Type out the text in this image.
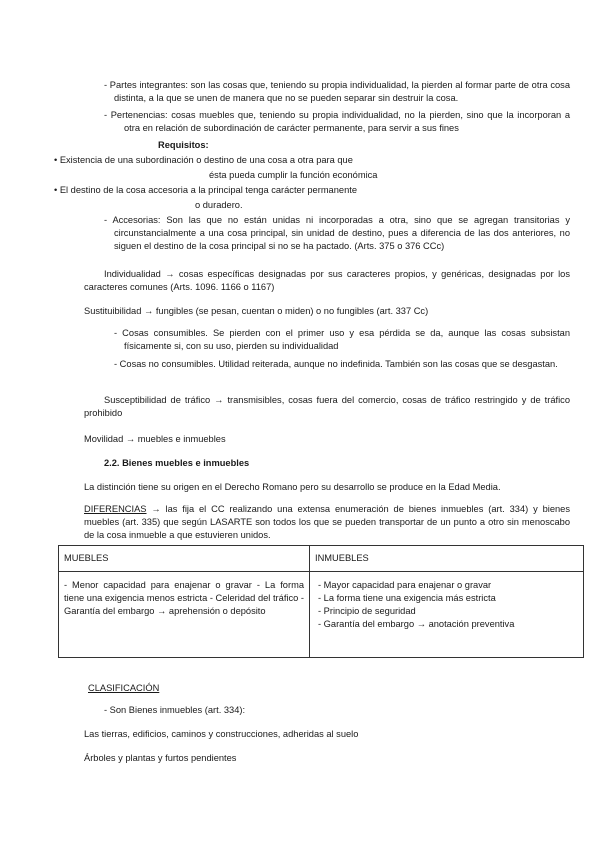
- Partes integrantes: son las cosas que, teniendo su propia individualidad, la pierden al formar parte de otra cosa distinta, a la que se unen de manera que no se pueden separar sin destruir la cosa.

- Pertenencias: cosas muebles que, teniendo su propia individualidad, no la pierden, sino que la incorporan a otra en relación de subordinación de carácter permanente, para servir a sus fines

Requisitos:

• Existencia de una subordinación o destino de una cosa a otra para que

ésta pueda cumplir la función económica

• El destino de la cosa accesoria a la principal tenga carácter permanente

o duradero.

- Accesorias: Son las que no están unidas ni incorporadas a otra, sino que se agregan transitorias y circunstancialmente a una cosa principal, sin unidad de destino, pues a diferencia de las dos anteriores, no siguen el destino de la cosa principal si no se ha pactado. (Arts. 375 o 376 CCc)

Individualidad → cosas específicas designadas por sus caracteres propios, y genéricas, designadas por los caracteres comunes (Arts. 1096. 1166 o 1167)

Sustituibilidad → fungibles (se pesan, cuentan o miden) o no fungibles (art. 337 Cc)

- Cosas consumibles. Se pierden con el primer uso y esa pérdida se da, aunque las cosas subsistan físicamente si, con su uso, pierden su individualidad

- Cosas no consumibles. Utilidad reiterada, aunque no indefinida. También son las cosas que se desgastan.

Susceptibilidad de tráfico → transmisibles, cosas fuera del comercio, cosas de tráfico restringido y de tráfico prohibido

Movilidad → muebles e inmuebles

2.2. Bienes muebles e inmuebles

La distinción tiene su origen en el Derecho Romano pero su desarrollo se produce en la Edad Media.

DIFERENCIAS → las fija el CC realizando una extensa enumeración de bienes inmuebles (art. 334) y bienes muebles (art. 335) que según LASARTE son todos los que se pueden transportar de un punto a otro sin menoscabo de la cosa inmueble a que estuvieren unidos.

MUEBLES	INMUEBLES
- Menor capacidad para enajenar o gravar - La forma tiene una exigencia menos estricta - Celeridad del tráfico - Garantía del embargo → aprehensión o depósito	- Mayor capacidad para enajenar o gravar
- La forma tiene una exigencia más estricta
- Principio de seguridad
- Garantía del embargo → anotación preventiva

CLASIFICACIÓN

- Son Bienes inmuebles (art. 334):

Las tierras, edificios, caminos y construcciones, adheridas al suelo

Árboles y plantas y furtos pendientes
